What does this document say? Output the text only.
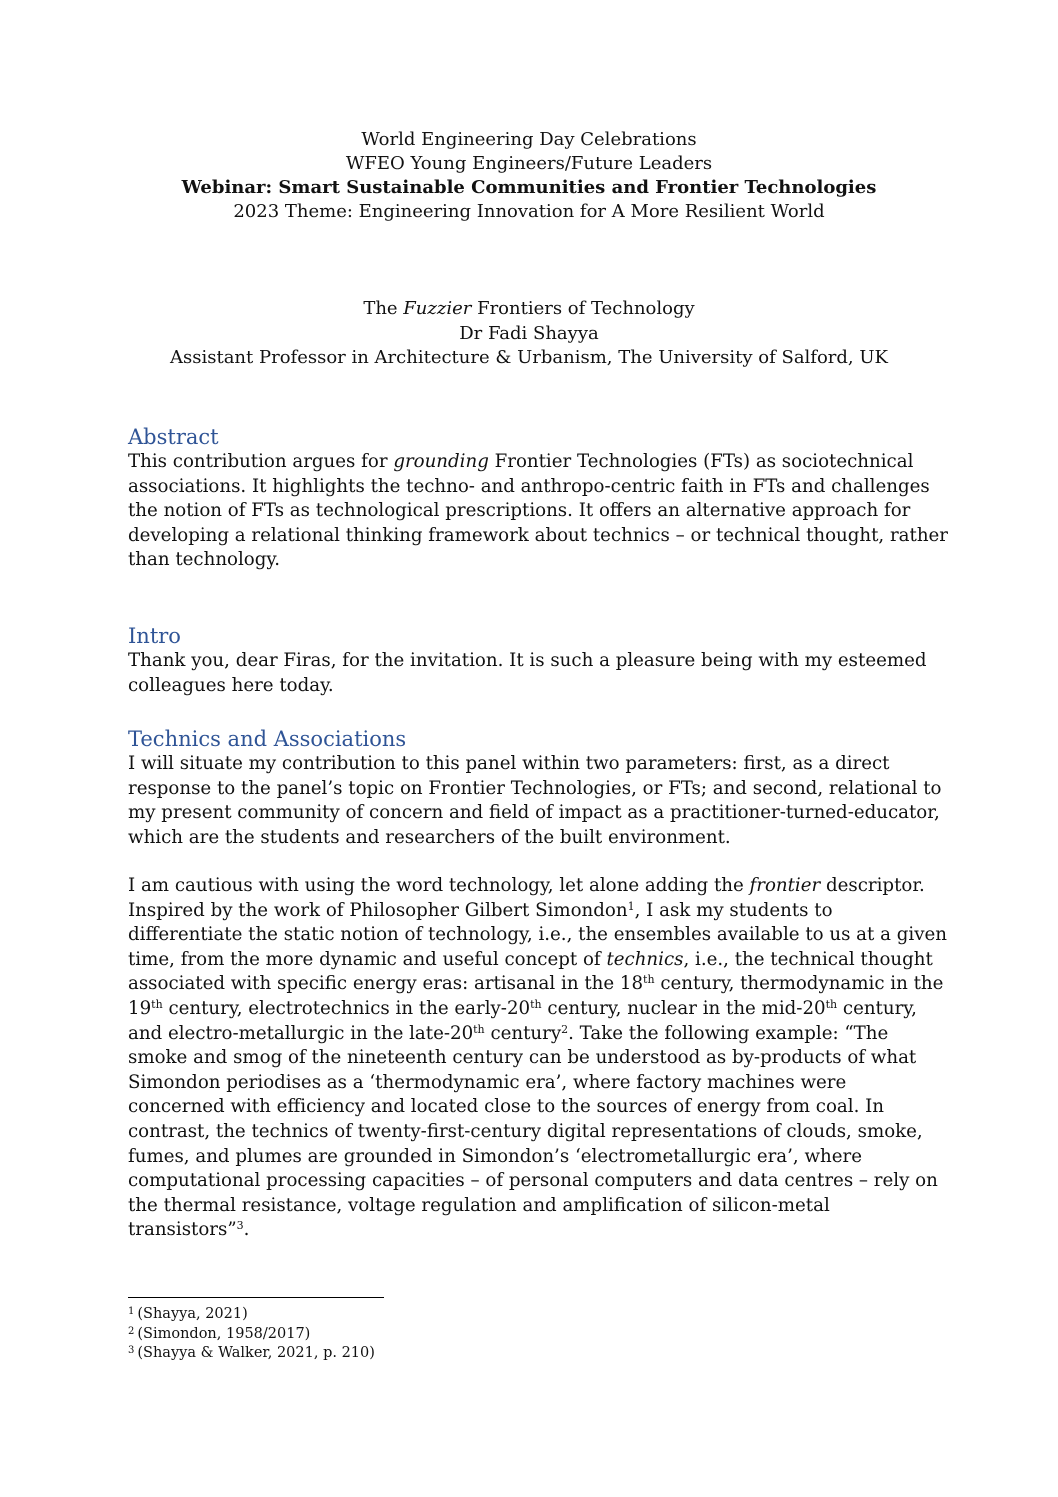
World Engineering Day Celebrations
WFEO Young Engineers/Future Leaders
Webinar: Smart Sustainable Communities and Frontier Technologies
2023 Theme: Engineering Innovation for A More Resilient World
The Fuzzier Frontiers of Technology
Dr Fadi Shayya
Assistant Professor in Architecture & Urbanism, The University of Salford, UK
Abstract

This contribution argues for grounding Frontier Technologies (FTs) as sociotechnical associations. It highlights the techno- and anthropo-centric faith in FTs and challenges the notion of FTs as technological prescriptions. It offers an alternative approach for developing a relational thinking framework about technics – or technical thought, rather than technology.

Intro

Thank you, dear Firas, for the invitation. It is such a pleasure being with my esteemed colleagues here today.

Technics and Associations

I will situate my contribution to this panel within two parameters: first, as a direct response to the panel’s topic on Frontier Technologies, or FTs; and second, relational to my present community of concern and field of impact as a practitioner-turned-educator, which are the students and researchers of the built environment.

I am cautious with using the word technology, let alone adding the frontier descriptor. Inspired by the work of Philosopher Gilbert Simondon$^1$, I ask my students to differentiate the static notion of technology, i.e., the ensembles available to us at a given time, from the more dynamic and useful concept of technics, i.e., the technical thought associated with specific energy eras: artisanal in the 18th century, thermodynamic in the 19th century, electrotechnics in the early-20th century, nuclear in the mid-20th century, and electro-metallurgic in the late-20th century$^2$. Take the following example: “The smoke and smog of the nineteenth century can be understood as by-products of what Simondon periodises as a ‘thermodynamic era’, where factory machines were concerned with efficiency and located close to the sources of energy from coal. In contrast, the technics of twenty-first-century digital representations of clouds, smoke, fumes, and plumes are grounded in Simondon’s ‘electrometallurgic era’, where computational processing capacities – of personal computers and data centres – rely on the thermal resistance, voltage regulation and amplification of silicon-metal transistors”$^3$.

$^1$ (Shayya, 2021)
$^2$ (Simondon, 1958/2017)
$^3$ (Shayya & Walker, 2021, p. 210)
